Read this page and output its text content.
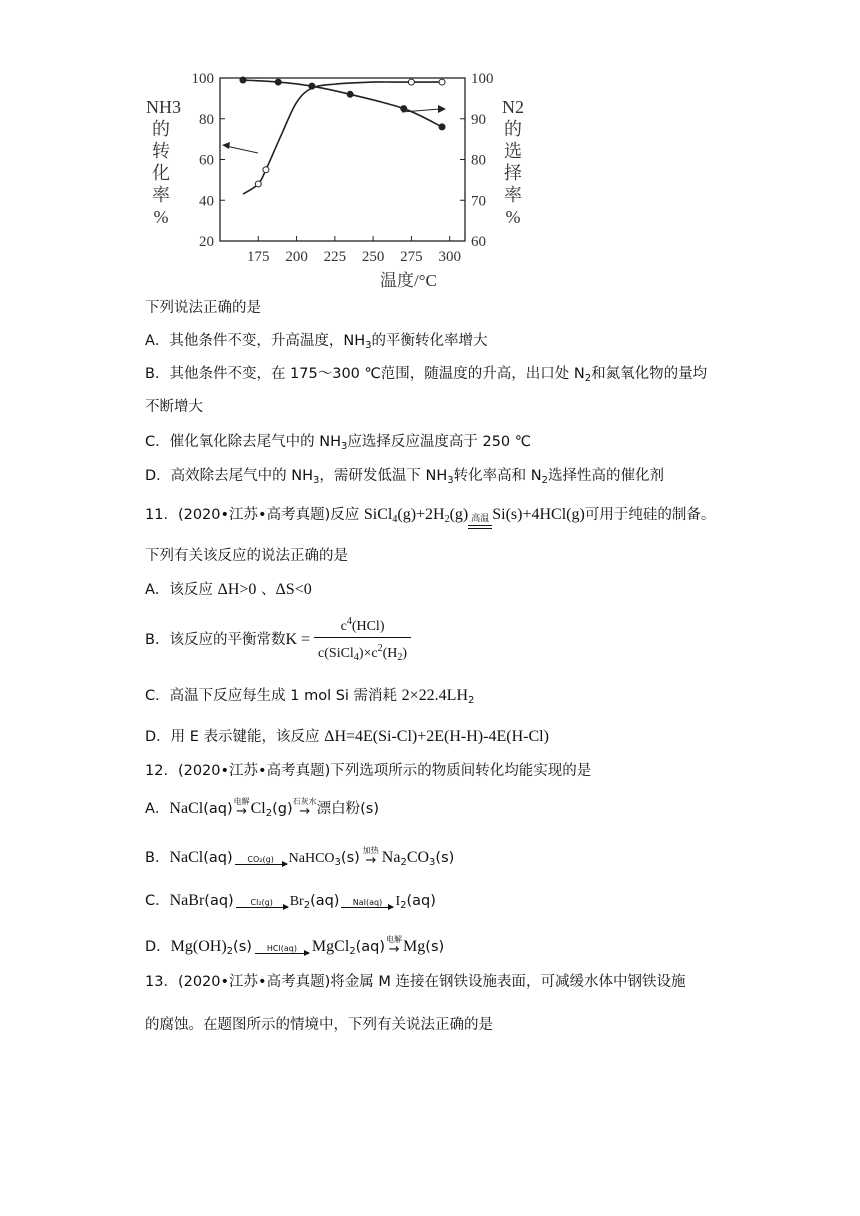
20
40
60
80
100
60
70
80
90
100
175 200 225 250 275 300
NH3
的
转
化
率
%
N2
的
选
择
率
%
温度/°C
下列说法正确的是
A．其他条件不变，升高温度，$NH_3$的平衡转化率增大
B．其他条件不变，在 175～300 ℃范围，随温度的升高，出口处 $N_2$和氮氧化物的量均
不断增大
C．催化氧化除去尾气中的 $NH_3$应选择反应温度高于 250 ℃
D．高效除去尾气中的 $NH_3$，需研发低温下 $NH_3$转化率高和 $N_2$选择性高的催化剂
11．(2020•江苏•高考真题)反应 $SiCl_4(g)+2H_2(g)$ 高温 Si(s)+4HCl(g)可用于纯硅的制备。
下列有关该反应的说法正确的是
A．该反应 ΔH>0 、ΔS<0
B．该反应的平衡常数 $K = \frac{c^4(HCl)}{c(SiCl_4)\times c^2(H_2)}$
C．高温下反应每生成 1 mol Si 需消耗 $2\times 22.4LH_2$
D．用 E 表示键能，该反应 ΔH=4E(Si-Cl)+2E(H-H)-4E(H-Cl)
12．(2020•江苏•高考真题)下列选项所示的物质间转化均能实现的是
A．NaCl(aq) 电解
→ $Cl_2(g)$ 石灰水
→ 漂白粉(s)
B．NaCl(aq)	CO₂(g)	NaHCO$_3$(s) 加热
→ $Na_2CO_3(s)$
C．NaBr(aq)	Cl₂(g)	$Br_2(aq)$	NaI(aq) $I_2(aq)$
D．$Mg(OH)_2(s)$	HCl(aq) MgCl$_2$(aq) 电解
→ Mg(s)
13．(2020•江苏•高考真题)将金属 M 连接在钢铁设施表面，可减缓水体中钢铁设施
的腐蚀。在题图所示的情境中，下列有关说法正确的是
